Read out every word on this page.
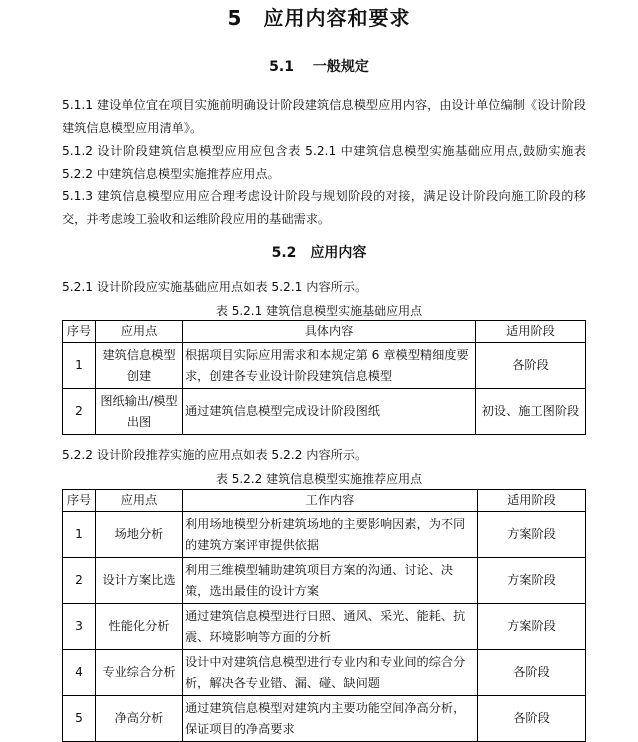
5　应用内容和要求
5.1　 一般规定
5.1.1 建设单位宜在项目实施前明确设计阶段建筑信息模型应用内容，由设计单位编制《设计阶段建筑信息模型应用清单》。
5.1.2 设计阶段建筑信息模型应用应包含表 5.2.1 中建筑信息模型实施基础应用点,鼓励实施表 5.2.2 中建筑信息模型实施推荐应用点。
5.1.3 建筑信息模型应用应合理考虑设计阶段与规划阶段的对接，满足设计阶段向施工阶段的移交，并考虑竣工验收和运维阶段应用的基础需求。
5.2　应用内容
5.2.1 设计阶段应实施基础应用点如表 5.2.1 内容所示。
表 5.2.1 建筑信息模型实施基础应用点
序号	应用点	具体内容	适用阶段
1	建筑信息模型创建	根据项目实际应用需求和本规定第 6 章模型精细度要求，创建各专业设计阶段建筑信息模型	各阶段
2	图纸输出/模型出图	通过建筑信息模型完成设计阶段图纸	初设、施工图阶段
5.2.2 设计阶段推荐实施的应用点如表 5.2.2 内容所示。
表 5.2.2 建筑信息模型实施推荐应用点
序号	应用点	工作内容	适用阶段
1	场地分析	利用场地模型分析建筑场地的主要影响因素，为不同的建筑方案评审提供依据	方案阶段
2	设计方案比选	利用三维模型辅助建筑项目方案的沟通、讨论、决策，选出最佳的设计方案	方案阶段
3	性能化分析	通过建筑信息模型进行日照、通风、采光、能耗、抗震、环境影响等方面的分析	方案阶段
4	专业综合分析	设计中对建筑信息模型进行专业内和专业间的综合分析，解决各专业错、漏、碰、缺问题	各阶段
5	净高分析	通过建筑信息模型对建筑内主要功能空间净高分析，保证项目的净高要求	各阶段
